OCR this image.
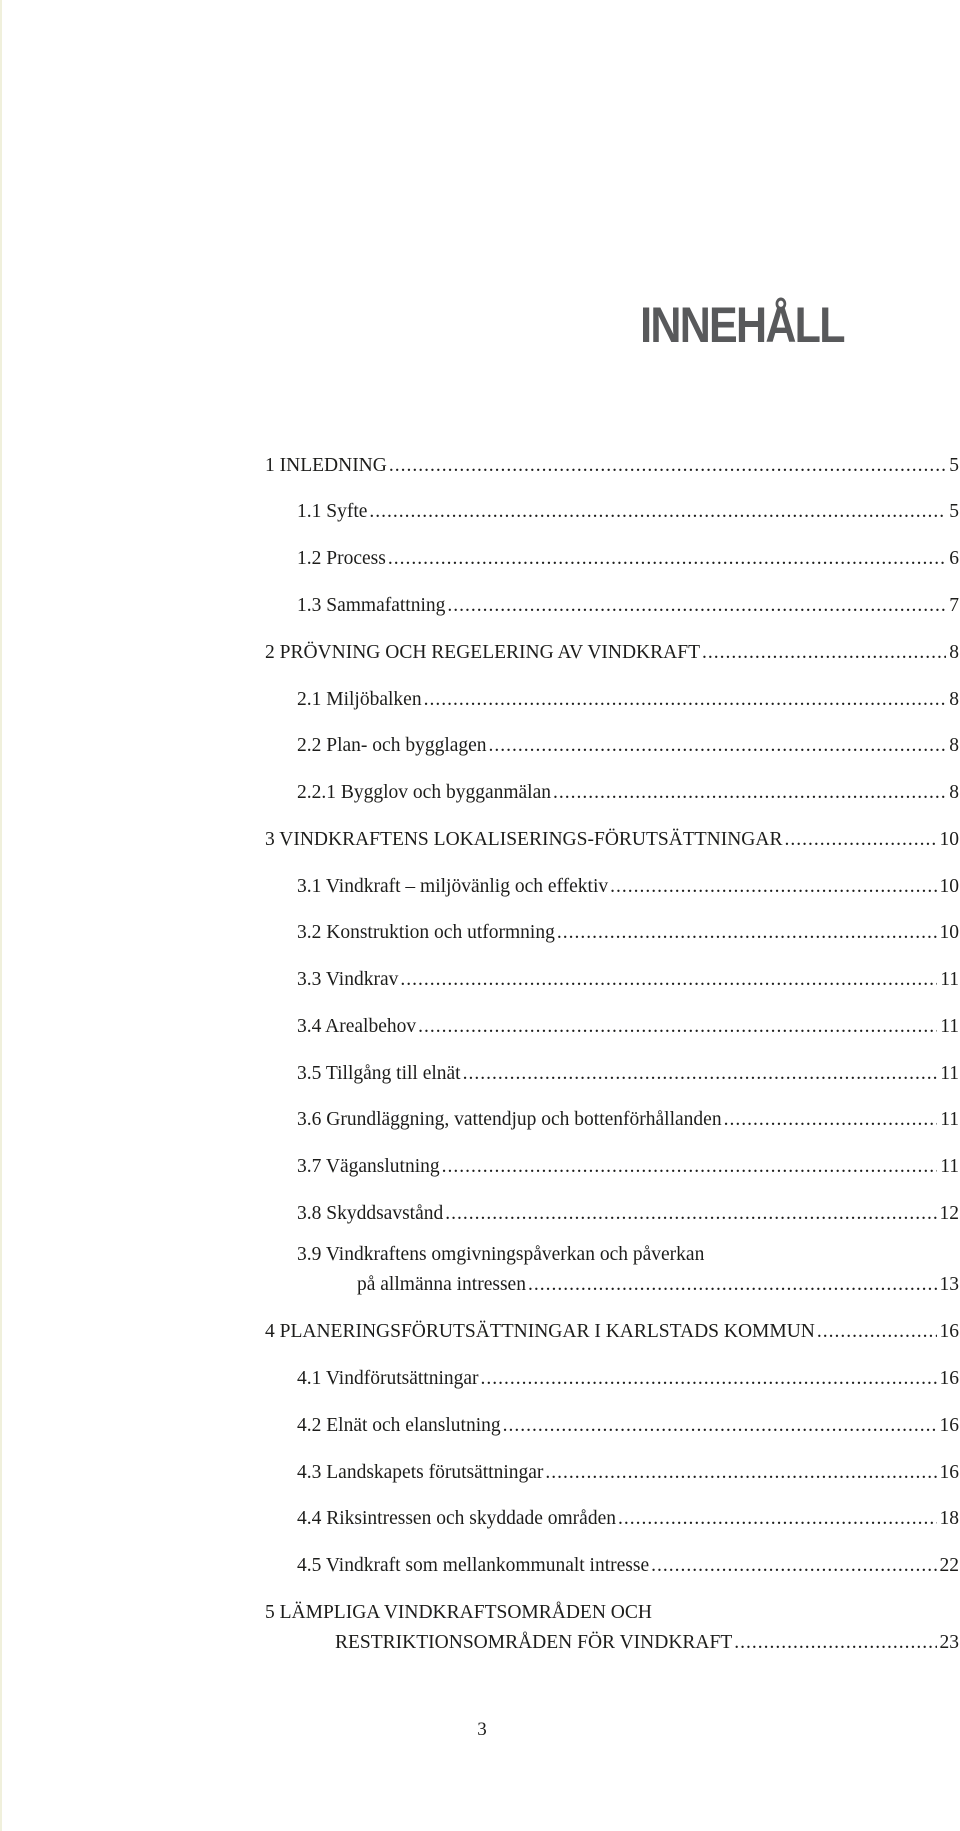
INNEHÅLL
1 INLEDNING .....	5
1.1 Syfte .....	5
1.2 Process .....	6
1.3 Sammafattning .....	7
2 PRÖVNING OCH REGELERING AV VINDKRAFT .....	8
2.1 Miljöbalken .....	8
2.2 Plan- och bygglagen .....	8
2.2.1 Bygglov och bygganmälan .....	8
3 VINDKRAFTENS LOKALISERINGS-FÖRUTSÄTTNINGAR .....	10
3.1 Vindkraft – miljövänlig och effektiv .....	10
3.2 Konstruktion och utformning .....	10
3.3 Vindkrav .....	11
3.4 Arealbehov .....	11
3.5 Tillgång till elnät .....	11
3.6 Grundläggning, vattendjup och bottenförhållanden .....	11
3.7 Väganslutning .....	11
3.8 Skyddsavstånd .....	12
3.9 Vindkraftens omgivningspåverkan och påverkan
på allmänna intressen .....	13
4 PLANERINGSFÖRUTSÄTTNINGAR I KARLSTADS KOMMUN .....	16
4.1 Vindförutsättningar .....	16
4.2 Elnät och elanslutning .....	16
4.3 Landskapets förutsättningar .....	16
4.4 Riksintressen och skyddade områden .....	18
4.5 Vindkraft som mellankommunalt intresse .....	22
5 LÄMPLIGA VINDKRAFTSOMRÅDEN OCH
RESTRIKTIONSOMRÅDEN FÖR VINDKRAFT .....	23
3
